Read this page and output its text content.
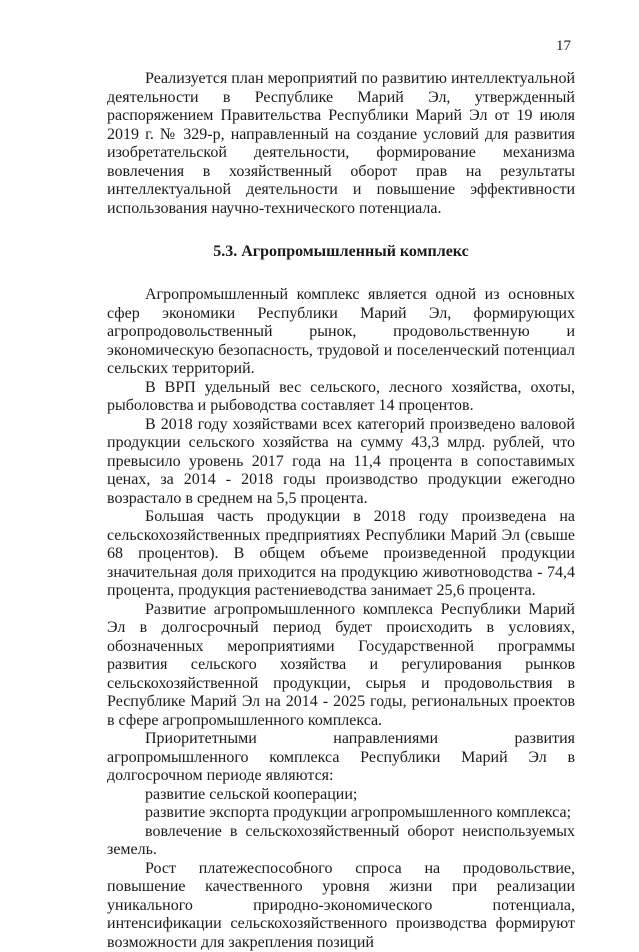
17

Реализуется план мероприятий по развитию интеллектуальной деятельности в Республике Марий Эл, утвержденный распоряжением Правительства Республики Марий Эл от 19 июля 2019 г. № 329-р, направленный на создание условий для развития изобретательской деятельности, формирование механизма вовлечения в хозяйственный оборот прав на результаты интеллектуальной деятельности и повышение эффективности использования научно-технического потенциала.

5.3. Агропромышленный комплекс

Агропромышленный комплекс является одной из основных сфер экономики Республики Марий Эл, формирующих агропродовольственный рынок, продовольственную и экономическую безопасность, трудовой и поселенческий потенциал сельских территорий.

В ВРП удельный вес сельского, лесного хозяйства, охоты, рыболовства и рыбоводства составляет 14 процентов.

В 2018 году хозяйствами всех категорий произведено валовой продукции сельского хозяйства на сумму 43,3 млрд. рублей, что превысило уровень 2017 года на 11,4 процента в сопоставимых ценах, за 2014 - 2018 годы производство продукции ежегодно возрастало в среднем на 5,5 процента.

Большая часть продукции в 2018 году произведена на сельскохозяйственных предприятиях Республики Марий Эл (свыше 68 процентов). В общем объеме произведенной продукции значительная доля приходится на продукцию животноводства - 74,4 процента, продукция растениеводства занимает 25,6 процента.

Развитие агропромышленного комплекса Республики Марий Эл в долгосрочный период будет происходить в условиях, обозначенных мероприятиями Государственной программы развития сельского хозяйства и регулирования рынков сельскохозяйственной продукции, сырья и продовольствия в Республике Марий Эл на 2014 - 2025 годы, региональных проектов в сфере агропромышленного комплекса.

Приоритетными направлениями развития агропромышленного комплекса Республики Марий Эл в долгосрочном периоде являются:

развитие сельской кооперации;

развитие экспорта продукции агропромышленного комплекса;

вовлечение в сельскохозяйственный оборот неиспользуемых земель.

Рост платежеспособного спроса на продовольствие, повышение качественного уровня жизни при реализации уникального природно-экономического потенциала, интенсификации сельскохозяйственного производства формируют возможности для закрепления позиций
